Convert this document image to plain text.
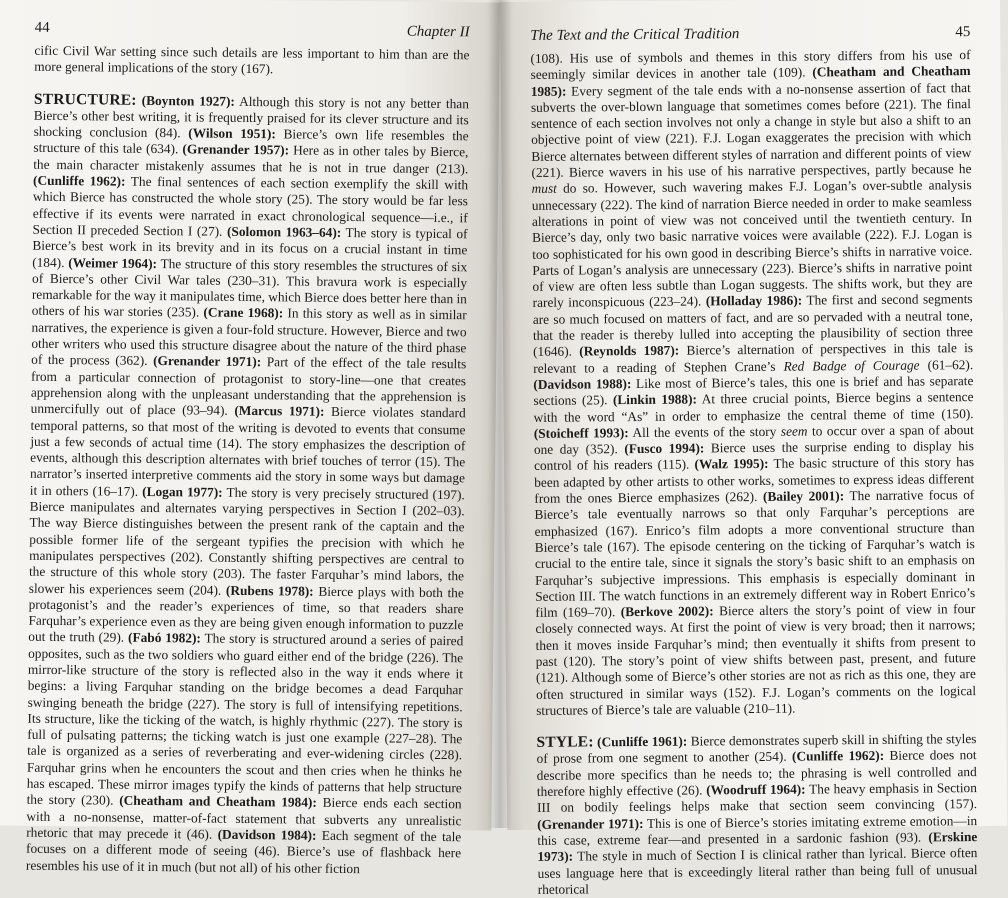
44	Chapter II

cific Civil War setting since such details are less important to him than are the more general implications of the story (167).

STRUCTURE: (Boynton 1927): Although this story is not any better than Bierce’s other best writing, it is frequently praised for its clever structure and its shocking conclusion (84). (Wilson 1951): Bierce’s own life resembles the structure of this tale (634). (Grenander 1957): Here as in other tales by Bierce, the main character mistakenly assumes that he is not in true danger (213). (Cunliffe 1962): The final sentences of each section exemplify the skill with which Bierce has constructed the whole story (25). The story would be far less effective if its events were narrated in exact chronological sequence—i.e., if Section II preceded Section I (27). (Solomon 1963–64): The story is typical of Bierce’s best work in its brevity and in its focus on a crucial instant in time (184). (Weimer 1964): The structure of this story resembles the structures of six of Bierce’s other Civil War tales (230–31). This bravura work is especially remarkable for the way it manipulates time, which Bierce does better here than in others of his war stories (235). (Crane 1968): In this story as well as in similar narratives, the experience is given a four-fold structure. However, Bierce and two other writers who used this structure disagree about the nature of the third phase of the process (362). (Grenander 1971): Part of the effect of the tale results from a particular connection of protagonist to story-line—one that creates apprehension along with the unpleasant understanding that the apprehension is unmercifully out of place (93–94). (Marcus 1971): Bierce violates standard temporal patterns, so that most of the writing is devoted to events that consume just a few seconds of actual time (14). The story emphasizes the description of events, although this description alternates with brief touches of terror (15). The narrator’s inserted interpretive comments aid the story in some ways but damage it in others (16–17). (Logan 1977): The story is very precisely structured (197). Bierce manipulates and alternates varying perspectives in Section I (202–03). The way Bierce distinguishes between the present rank of the captain and the possible former life of the sergeant typifies the precision with which he manipulates perspectives (202). Constantly shifting perspectives are central to the structure of this whole story (203). The faster Farquhar’s mind labors, the slower his experiences seem (204). (Rubens 1978): Bierce plays with both the protagonist’s and the reader’s experiences of time, so that readers share Farquhar’s experience even as they are being given enough information to puzzle out the truth (29). (Fabó 1982): The story is structured around a series of paired opposites, such as the two soldiers who guard either end of the bridge (226). The mirror-like structure of the story is reflected also in the way it ends where it begins: a living Farquhar standing on the bridge becomes a dead Farquhar swinging beneath the bridge (227). The story is full of intensifying repetitions. Its structure, like the ticking of the watch, is highly rhythmic (227). The story is full of pulsating patterns; the ticking watch is just one example (227–28). The tale is organized as a series of reverberating and ever-widening circles (228). Farquhar grins when he encounters the scout and then cries when he thinks he has escaped. These mirror images typify the kinds of patterns that help structure the story (230). (Cheatham and Cheatham 1984): Bierce ends each section with a no-nonsense, matter-of-fact statement that subverts any unrealistic rhetoric that may precede it (46). (Davidson 1984): Each segment of the tale focuses on a different mode of seeing (46). Bierce’s use of flashback here resembles his use of it in much (but not all) of his other fiction

The Text and the Critical Tradition	45

(108). His use of symbols and themes in this story differs from his use of seemingly similar devices in another tale (109). (Cheatham and Cheatham 1985): Every segment of the tale ends with a no-nonsense assertion of fact that subverts the over-blown language that sometimes comes before (221). The final sentence of each section involves not only a change in style but also a shift to an objective point of view (221). F.J. Logan exaggerates the precision with which Bierce alternates between different styles of narration and different points of view (221). Bierce wavers in his use of his narrative perspectives, partly because he must do so. However, such wavering makes F.J. Logan’s over-subtle analysis unnecessary (222). The kind of narration Bierce needed in order to make seamless alterations in point of view was not conceived until the twentieth century. In Bierce’s day, only two basic narrative voices were available (222). F.J. Logan is too sophisticated for his own good in describing Bierce’s shifts in narrative voice. Parts of Logan’s analysis are unnecessary (223). Bierce’s shifts in narrative point of view are often less subtle than Logan suggests. The shifts work, but they are rarely inconspicuous (223–24). (Holladay 1986): The first and second segments are so much focused on matters of fact, and are so pervaded with a neutral tone, that the reader is thereby lulled into accepting the plausibility of section three (1646). (Reynolds 1987): Bierce’s alternation of perspectives in this tale is relevant to a reading of Stephen Crane’s Red Badge of Courage (61–62). (Davidson 1988): Like most of Bierce’s tales, this one is brief and has separate sections (25). (Linkin 1988): At three crucial points, Bierce begins a sentence with the word “As” in order to emphasize the central theme of time (150). (Stoicheff 1993): All the events of the story seem to occur over a span of about one day (352). (Fusco 1994): Bierce uses the surprise ending to display his control of his readers (115). (Walz 1995): The basic structure of this story has been adapted by other artists to other works, sometimes to express ideas different from the ones Bierce emphasizes (262). (Bailey 2001): The narrative focus of Bierce’s tale eventually narrows so that only Farquhar’s perceptions are emphasized (167). Enrico’s film adopts a more conventional structure than Bierce’s tale (167). The episode centering on the ticking of Farquhar’s watch is crucial to the entire tale, since it signals the story’s basic shift to an emphasis on Farquhar’s subjective impressions. This emphasis is especially dominant in Section III. The watch functions in an extremely different way in Robert Enrico’s film (169–70). (Berkove 2002): Bierce alters the story’s point of view in four closely connected ways. At first the point of view is very broad; then it narrows; then it moves inside Farquhar’s mind; then eventually it shifts from present to past (120). The story’s point of view shifts between past, present, and future (121). Although some of Bierce’s other stories are not as rich as this one, they are often structured in similar ways (152). F.J. Logan’s comments on the logical structures of Bierce’s tale are valuable (210–11).

STYLE: (Cunliffe 1961): Bierce demonstrates superb skill in shifting the styles of prose from one segment to another (254). (Cunliffe 1962): Bierce does not describe more specifics than he needs to; the phrasing is well controlled and therefore highly effective (26). (Woodruff 1964): The heavy emphasis in Section III on bodily feelings helps make that section seem convincing (157). (Grenander 1971): This is one of Bierce’s stories imitating extreme emotion—in this case, extreme fear—and presented in a sardonic fashion (93). (Erskine 1973): The style in much of Section I is clinical rather than lyrical. Bierce often uses language here that is exceedingly literal rather than being full of unusual rhetorical
